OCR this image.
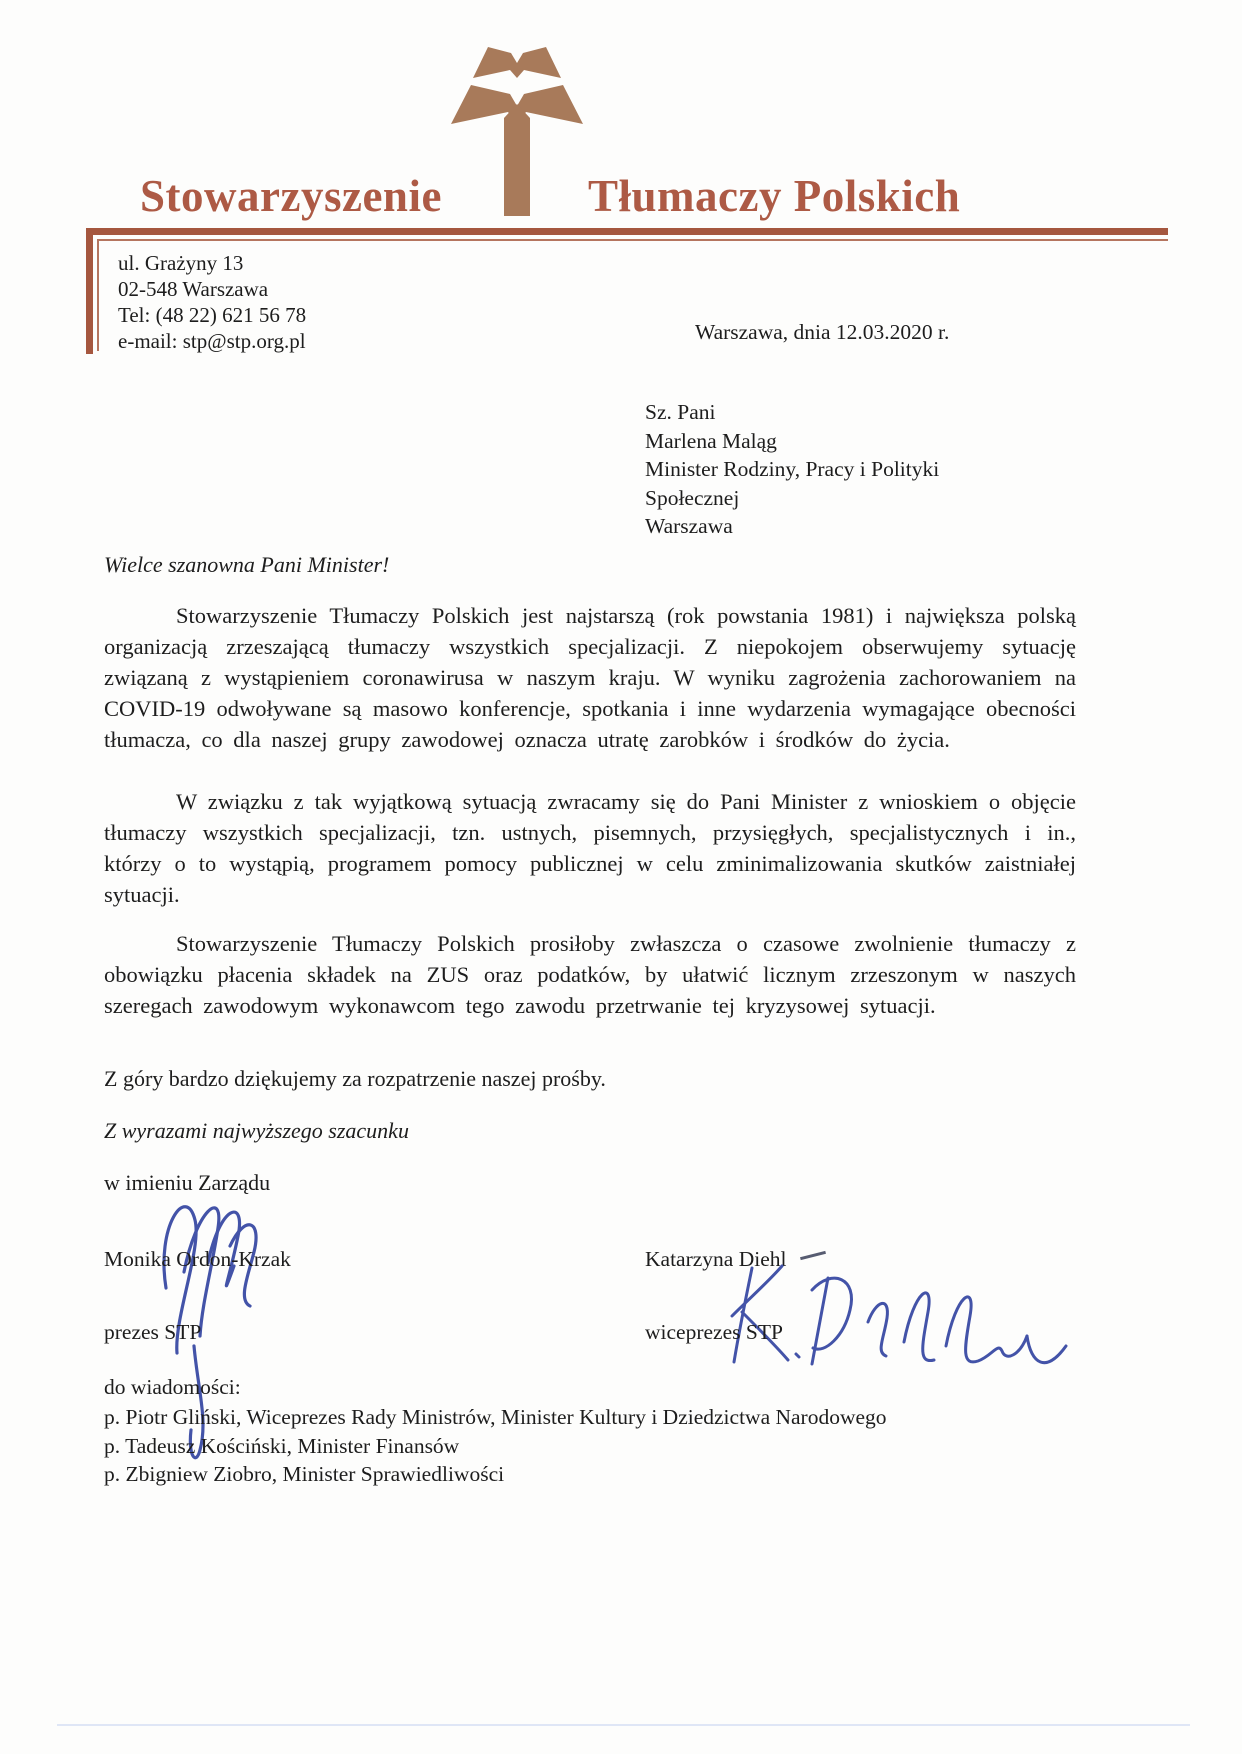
Stowarzyszenie	Tłumaczy Polskich
ul. Grażyny 13
02-548 Warszawa
Tel: (48 22) 621 56 78
e-mail: stp@stp.org.pl	Warszawa, dnia 12.03.2020 r.
Sz. Pani
Marlena Maląg
Minister Rodziny, Pracy i Polityki
Społecznej
Warszawa
Wielce szanowna Pani Minister!

Stowarzyszenie Tłumaczy Polskich jest najstarszą (rok powstania 1981) i największa polską organizacją zrzeszającą tłumaczy wszystkich specjalizacji. Z niepokojem obserwujemy sytuację związaną z wystąpieniem coronawirusa w naszym kraju. W wyniku zagrożenia zachorowaniem na COVID-19 odwoływane są masowo konferencje, spotkania i inne wydarzenia wymagające obecności tłumacza, co dla naszej grupy zawodowej oznacza utratę zarobków i środków do życia.

W związku z tak wyjątkową sytuacją zwracamy się do Pani Minister z wnioskiem o objęcie tłumaczy wszystkich specjalizacji, tzn. ustnych, pisemnych, przysięgłych, specjalistycznych i in., którzy o to wystąpią, programem pomocy publicznej w celu zminimalizowania skutków zaistniałej sytuacji.

Stowarzyszenie Tłumaczy Polskich prosiłoby zwłaszcza o czasowe zwolnienie tłumaczy z obowiązku płacenia składek na ZUS oraz podatków, by ułatwić licznym zrzeszonym w naszych szeregach zawodowym wykonawcom tego zawodu przetrwanie tej kryzysowej sytuacji.

Z góry bardzo dziękujemy za rozpatrzenie naszej prośby.
Z wyrazami najwyższego szacunku
w imieniu Zarządu
Monika Ordon-Krzak	Katarzyna Diehl
prezes STP	wiceprezes STP
do wiadomości:
p. Piotr Gliński, Wiceprezes Rady Ministrów, Minister Kultury i Dziedzictwa Narodowego
p. Tadeusz Kościński, Minister Finansów
p. Zbigniew Ziobro, Minister Sprawiedliwości
